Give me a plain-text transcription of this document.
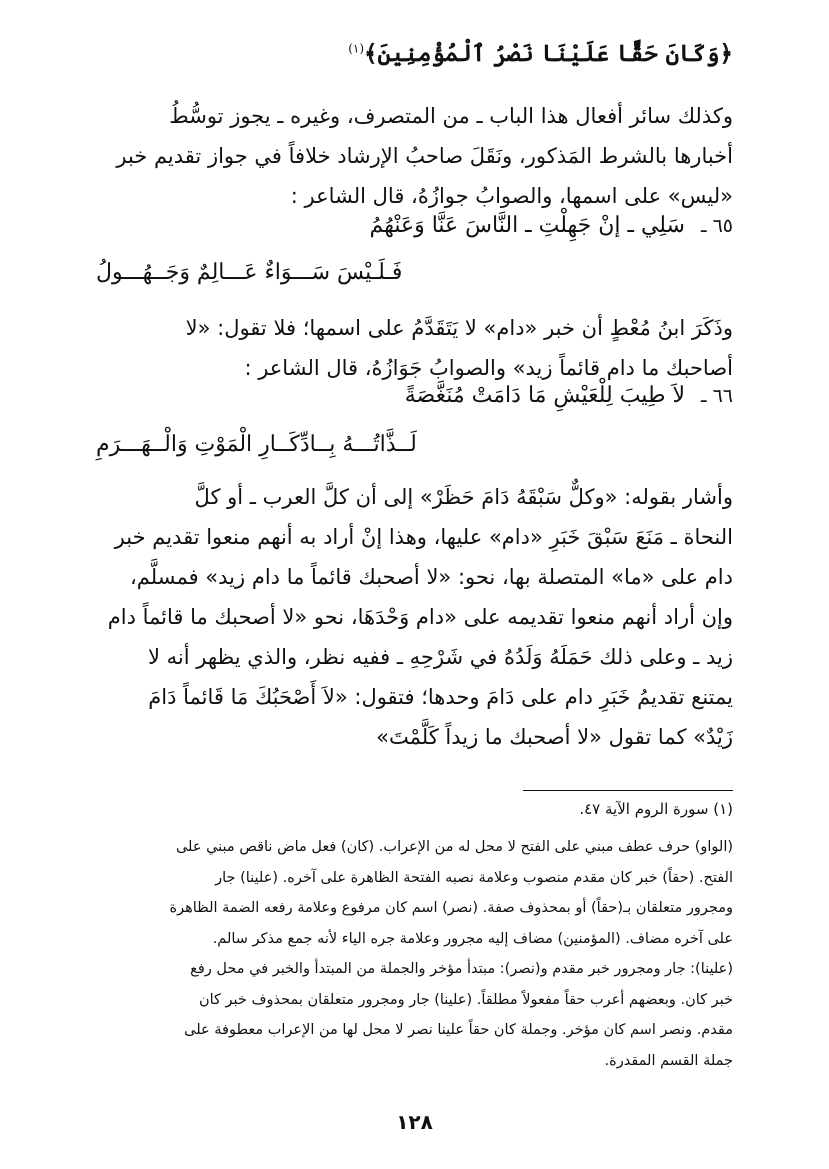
﴿وَكَانَ حَقًّا عَلَيْنَا نَصْرُ ٱلْمُؤْمِنِينَ﴾$^{(١)}$
وكذلك سائر أفعال هذا الباب ـ من المتصرف، وغيره ـ يجوز توسُّطُ
أخبارها بالشرط المَذكور، ونَقَلَ صاحبُ الإرشاد خلافاً في جواز تقديم خبر
«ليس» على اسمها، والصوابُ جوازُهُ، قال الشاعر :
٦٥ ـسَلِي ـ إنْ جَهِلْتِ ـ النَّاسَ عَنَّا وَعَنْهُمُ
فَـلَـيْسَ سَـــوَاءٌ عَـــالِمٌ وَجَــهُـــولُ
وذَكَرَ ابنُ مُعْطٍ أن خبر «دام» لا يَتَقَدَّمُ على اسمها؛ فلا تقول: «لا
أصاحبك ما دام قائماً زيد» والصوابُ جَوَازُهُ، قال الشاعر :
٦٦ ـلاَ طِيبَ لِلْعَيْشِ مَا دَامَتْ مُنَغَّصَةً
لَــذَّاتُـــهُ بِــادِّكَــارِ الْمَوْتِ وَالْــهَـــرَمِ
وأشار بقوله: «وكلٌّ سَبْقَهُ دَامَ حَظَرْ» إلى أن كلَّ العرب ـ أو كلَّ
النحاة ـ مَنَعَ سَبْقَ خَبَرِ «دام» عليها، وهذا إنْ أراد به أنهم منعوا تقديم خبر
دام على «ما» المتصلة بها، نحو: «لا أصحبك قائماً ما دام زيد» فمسلَّم،
وإن أراد أنهم منعوا تقديمه على «دام وَحْدَهَا، نحو «لا أصحبك ما قائماً دام
زيد ـ وعلى ذلك حَمَلَهُ وَلَدُهُ في شَرْحِهِ ـ ففيه نظر، والذي يظهر أنه لا
يمتنع تقديمُ خَبَرِ دام على دَامَ وحدها؛ فتقول: «لاَ أَصْحَبُكَ مَا قَائماً دَامَ
زَيْدٌ» كما تقول «لا أصحبك ما زيداً كَلَّمْتَ»
(١) سورة الروم الآية ٤٧.
(الواو) حرف عطف مبني على الفتح لا محل له من الإعراب. (كان) فعل ماض ناقص مبني على
الفتح. (حقاً) خبر كان مقدم منصوب وعلامة نصبه الفتحة الظاهرة على آخره. (علينا) جار
ومجرور متعلقان بـ(حقاً) أو بمحذوف صفة. (نصر) اسم كان مرفوع وعلامة رفعه الضمة الظاهرة
على آخره مضاف. (المؤمنين) مضاف إليه مجرور وعلامة جره الياء لأنه جمع مذكر سالم.
(علينا): جار ومجرور خبر مقدم و(نصر): مبتدأ مؤخر والجملة من المبتدأ والخبر في محل رفع
خبر كان. وبعضهم أعرب حقاً مفعولاً مطلقاً. (علينا) جار ومجرور متعلقان بمحذوف خبر كان
مقدم. ونصر اسم كان مؤخر. وجملة كان حقاً علينا نصر لا محل لها من الإعراب معطوفة على
جملة القسم المقدرة.
١٢٨
